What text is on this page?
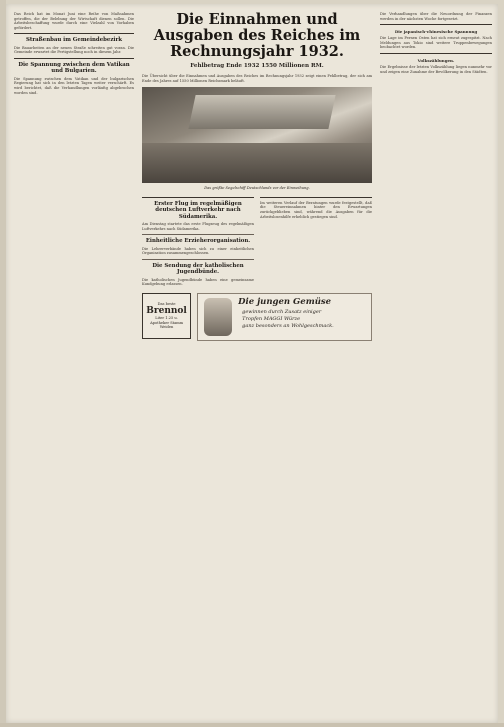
Das Reich hat im Monat Juni eine Reihe von Maßnahmen getroffen, die der Belebung der Wirtschaft dienen sollen. Die Arbeitsbeschaffung wurde durch eine Vielzahl von Vorhaben gefördert.
Straßenbau im Gemeindebezirk
Die Bauarbeiten an der neuen Straße schreiten gut voran. Die Gemeinde erwartet die Fertigstellung noch in diesem Jahr.
Die Spannung zwischen dem Vatikan und Bulgarien.
Die Spannung zwischen dem Vatikan und der bulgarischen Regierung hat sich in den letzten Tagen weiter verschärft. Es wird berichtet, daß die Verhandlungen vorläufig abgebrochen worden sind.
Die Einnahmen und Ausgaben des Reiches im Rechnungsjahr 1932.
Fehlbetrag Ende 1932 1550 Millionen RM.
Die Übersicht über die Einnahmen und Ausgaben des Reiches im Rechnungsjahr 1932 zeigt einen Fehlbetrag, der sich am Ende des Jahres auf 1550 Millionen Reichsmark beläuft.
Das größte Segelschiff Deutschlands vor der Einweihung.
Erster Flug im regelmäßigen deutschen Luftverkehr nach Südamerika.
Am Dienstag startete das erste Flugzeug des regelmäßigen Luftverkehrs nach Südamerika.
Einheitliche Erzieherorganisation.
Die Lehrerverbände haben sich zu einer einheitlichen Organisation zusammengeschlossen.
Die Sendung der katholischen Jugendbünde.
Die katholischen Jugendbünde haben eine gemeinsame Kundgebung erlassen.
Im weiteren Verlauf der Beratungen wurde festgestellt, daß die Steuereinnahmen hinter den Erwartungen zurückgeblieben sind, während die Ausgaben für die Arbeitslosenhilfe erheblich gestiegen sind.
Das beste
Brennol
Liter 1.25 u.
Apotheker Stamm
Weiden
Die jungen Gemüse
gewinnen durch Zusatz einiger
Tropfen MAGGI Würze
ganz besonders an Wohlgeschmack.
Die Verhandlungen über die Neuordnung der Finanzen werden in der nächsten Woche fortgesetzt.
Die japanisch-chinesische Spannung
Die Lage im Fernen Osten hat sich erneut zugespitzt. Nach Meldungen aus Tokio sind weitere Truppenbewegungen beobachtet worden.
Volkszählungen.
Die Ergebnisse der letzten Volkszählung liegen nunmehr vor und zeigen eine Zunahme der Bevölkerung in den Städten.
